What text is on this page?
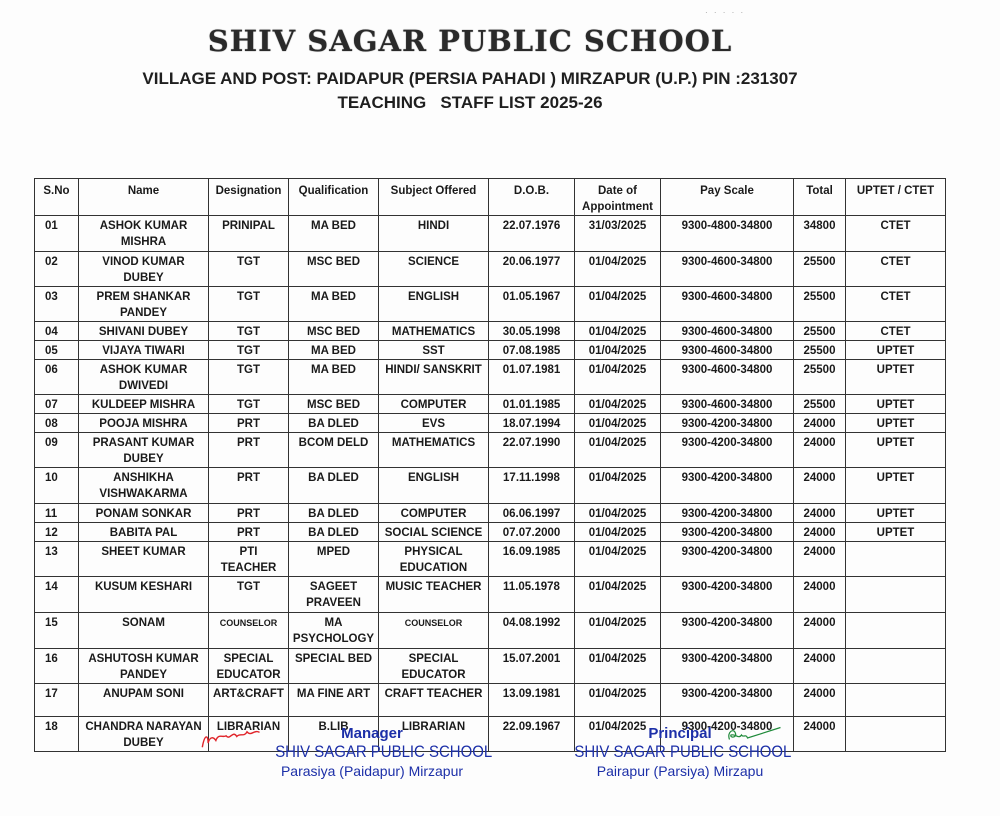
· · · · ·
SHIV SAGAR PUBLIC SCHOOL
VILLAGE AND POST: PAIDAPUR (PERSIA PAHADI ) MIRZAPUR (U.P.) PIN :231307
TEACHING   STAFF LIST 2025-26
S.No	Name	Designation	Qualification	Subject Offered	D.O.B.	Date of Appointment	Pay Scale	Total	UPTET / CTET
01	ASHOK KUMAR MISHRA	PRINIPAL	MA BED	HINDI	22.07.1976	31/03/2025	9300-4800-34800	34800	CTET
02	VINOD KUMAR DUBEY	TGT	MSC BED	SCIENCE	20.06.1977	01/04/2025	9300-4600-34800	25500	CTET
03	PREM SHANKAR PANDEY	TGT	MA BED	ENGLISH	01.05.1967	01/04/2025	9300-4600-34800	25500	CTET
04	SHIVANI DUBEY	TGT	MSC BED	MATHEMATICS	30.05.1998	01/04/2025	9300-4600-34800	25500	CTET
05	VIJAYA TIWARI	TGT	MA BED	SST	07.08.1985	01/04/2025	9300-4600-34800	25500	UPTET
06	ASHOK KUMAR DWIVEDI	TGT	MA BED	HINDI/ SANSKRIT	01.07.1981	01/04/2025	9300-4600-34800	25500	UPTET
07	KULDEEP MISHRA	TGT	MSC BED	COMPUTER	01.01.1985	01/04/2025	9300-4600-34800	25500	UPTET
08	POOJA MISHRA	PRT	BA DLED	EVS	18.07.1994	01/04/2025	9300-4200-34800	24000	UPTET
09	PRASANT KUMAR DUBEY	PRT	BCOM DELD	MATHEMATICS	22.07.1990	01/04/2025	9300-4200-34800	24000	UPTET
10	ANSHIKHA VISHWAKARMA	PRT	BA DLED	ENGLISH	17.11.1998	01/04/2025	9300-4200-34800	24000	UPTET
11	PONAM SONKAR	PRT	BA DLED	COMPUTER	06.06.1997	01/04/2025	9300-4200-34800	24000	UPTET
12	BABITA PAL	PRT	BA DLED	SOCIAL SCIENCE	07.07.2000	01/04/2025	9300-4200-34800	24000	UPTET
13	SHEET KUMAR	PTI TEACHER	MPED	PHYSICAL EDUCATION	16.09.1985	01/04/2025	9300-4200-34800	24000	
14	KUSUM KESHARI	TGT	SAGEET PRAVEEN	MUSIC TEACHER	11.05.1978	01/04/2025	9300-4200-34800	24000	
15	SONAM	COUNSELOR	MA PSYCHOLOGY	COUNSELOR	04.08.1992	01/04/2025	9300-4200-34800	24000	
16	ASHUTOSH KUMAR PANDEY	SPECIAL EDUCATOR	SPECIAL BED	SPECIAL EDUCATOR	15.07.2001	01/04/2025	9300-4200-34800	24000	
17	ANUPAM SONI	ART&CRAFT	MA FINE ART	CRAFT TEACHER	13.09.1981	01/04/2025	9300-4200-34800	24000	
18	CHANDRA NARAYAN DUBEY	LIBRARIAN	B.LIB	LIBRARIAN	22.09.1967	01/04/2025	9300-4200-34800	24000	
Manager
SHIV SAGAR PUBLIC SCHOOL
Parasiya (Paidapur) Mirzapur
Principal
SHIV SAGAR PUBLIC SCHOOL
Pairapur (Parsiya) Mirzapu
